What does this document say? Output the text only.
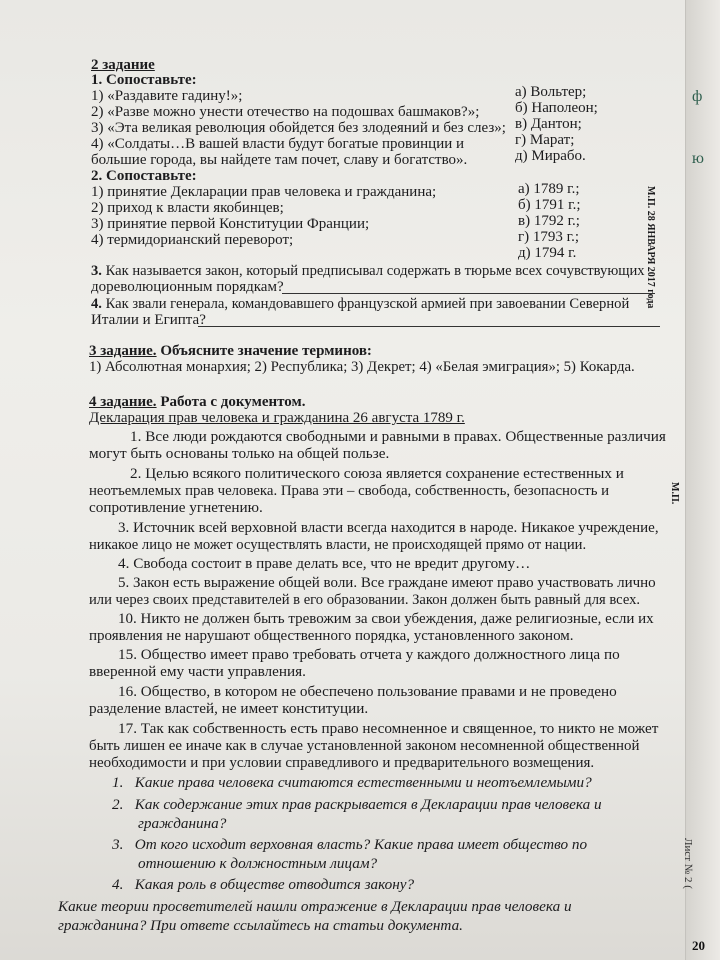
ф
ю
Лист № 2 (
20
2 задание
1. Сопоставьте:
1) «Раздавите гадину!»;
2) «Разве можно унести отечество на подошвах башмаков?»;
3) «Эта великая революция обойдется без злодеяний и без слез»;
4) «Солдаты…В вашей власти будут богатые провинции и
большие города, вы найдете там почет, славу и богатство».
а) Вольтер;
б) Наполеон;
в) Дантон;
г) Марат;
д) Мирабо.
2. Сопоставьте:
1) принятие Декларации прав человека и гражданина;
2) приход к власти якобинцев;
3) принятие первой Конституции Франции;
4) термидорианский переворот;
а) 1789 г.;
б) 1791 г.;
в) 1792 г.;
г) 1793 г.;
д) 1794 г.	М.П. 28 ЯНВАРЯ 2017 года
3. Как называется закон, который предписывал содержать в тюрьме всех сочувствующих
дореволюционным порядкам?
4. Как звали генерала, командовавшего французской армией при завоевании Северной
Италии и Египта?
3 задание. Объясните значение терминов:
1) Абсолютная монархия; 2) Республика; 3) Декрет; 4) «Белая эмиграция»; 5) Кокарда.
4 задание. Работа с документом.
Декларация прав человека и гражданина 26 августа 1789 г.
1. Все люди рождаются свободными и равными в правах. Общественные различия
могут быть основаны только на общей пользе.
2. Целью всякого политического союза является сохранение естественных и
неотъемлемых прав человека. Права эти – свобода, собственность, безопасность и
сопротивление угнетению.
М.П.
3. Источник всей верховной власти всегда находится в народе. Никакое учреждение,
никакое лицо не может осуществлять власти, не происходящей прямо от нации.
4. Свобода состоит в праве делать все, что не вредит другому…
5. Закон есть выражение общей воли. Все граждане имеют право участвовать лично
или через своих представителей в его образовании. Закон должен быть равный для всех.
10. Никто не должен быть тревожим за свои убеждения, даже религиозные, если их
проявления не нарушают общественного порядка, установленного законом.
15. Общество имеет право требовать отчета у каждого должностного лица по
вверенной ему части управления.
16. Общество, в котором не обеспечено пользование правами и не проведено
разделение властей, не имеет конституции.
17. Так как собственность есть право несомненное и священное, то никто не может
быть лишен ее иначе как в случае установленной законом несомненной общественной
необходимости и при условии справедливого и предварительного возмещения.
1. Какие права человека считаются естественными и неотъемлемыми?
2. Как содержание этих прав раскрывается в Декларации прав человека и
гражданина?
3. От кого исходит верховная власть? Какие права имеет общество по
отношению к должностным лицам?
4. Какая роль в обществе отводится закону?
Какие теории просветителей нашли отражение в Декларации прав человека и
гражданина? При ответе ссылайтесь на статьи документа.
